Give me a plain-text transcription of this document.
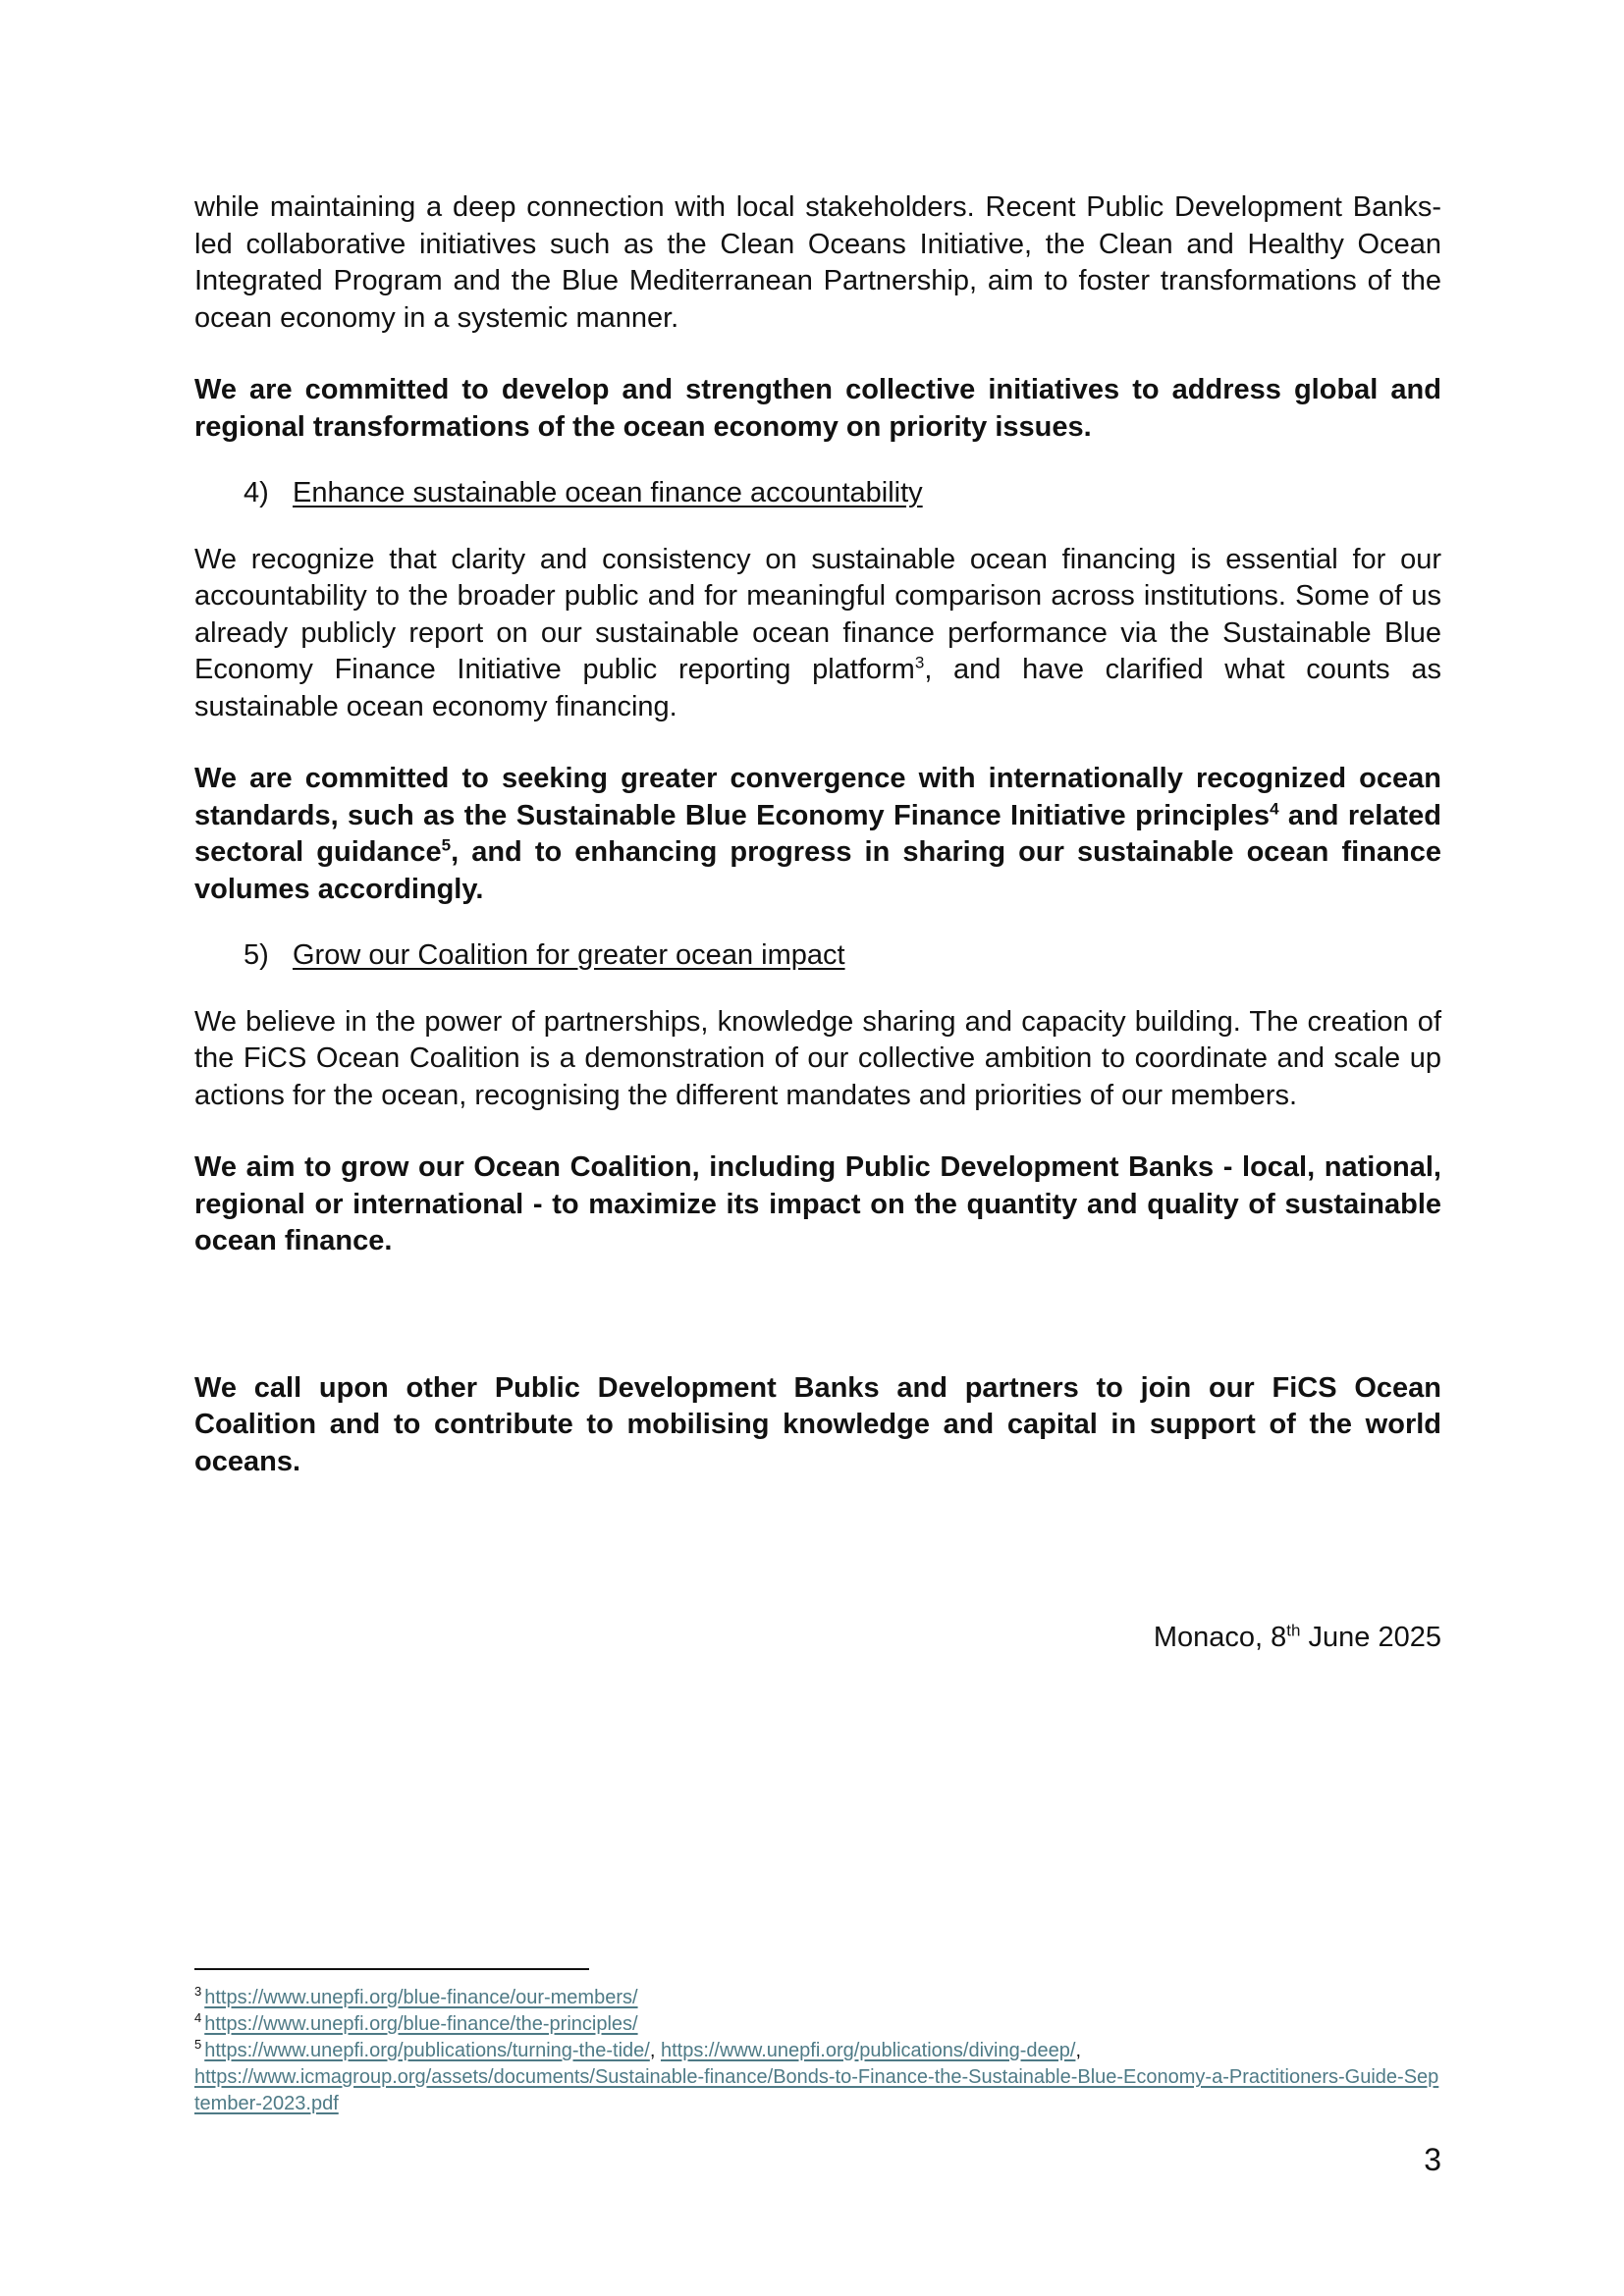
while maintaining a deep connection with local stakeholders. Recent Public Development Banks-led collaborative initiatives such as the Clean Oceans Initiative, the Clean and Healthy Ocean Integrated Program and the Blue Mediterranean Partnership, aim to foster transformations of the ocean economy in a systemic manner.

We are committed to develop and strengthen collective initiatives to address global and regional transformations of the ocean economy on priority issues.

4) Enhance sustainable ocean finance accountability

We recognize that clarity and consistency on sustainable ocean financing is essential for our accountability to the broader public and for meaningful comparison across institutions. Some of us already publicly report on our sustainable ocean finance performance via the Sustainable Blue Economy Finance Initiative public reporting platform$^3$, and have clarified what counts as sustainable ocean economy financing.

We are committed to seeking greater convergence with internationally recognized ocean standards, such as the Sustainable Blue Economy Finance Initiative principles$^4$ and related sectoral guidance$^5$, and to enhancing progress in sharing our sustainable ocean finance volumes accordingly.

5) Grow our Coalition for greater ocean impact

We believe in the power of partnerships, knowledge sharing and capacity building. The creation of the FiCS Ocean Coalition is a demonstration of our collective ambition to coordinate and scale up actions for the ocean, recognising the different mandates and priorities of our members.

We aim to grow our Ocean Coalition, including Public Development Banks - local, national, regional or international - to maximize its impact on the quantity and quality of sustainable ocean finance.

We call upon other Public Development Banks and partners to join our FiCS Ocean Coalition and to contribute to mobilising knowledge and capital in support of the world oceans.

Monaco, 8th June 2025

$^3$ https://www.unepfi.org/blue-finance/our-members/

$^4$ https://www.unepfi.org/blue-finance/the-principles/

$^5$ https://www.unepfi.org/publications/turning-the-tide/, https://www.unepfi.org/publications/diving-deep/,
https://www.icmagroup.org/assets/documents/Sustainable-finance/Bonds-to-Finance-the-Sustainable-Blue-Economy-a-Practitioners-Guide-September-2023.pdf

3
